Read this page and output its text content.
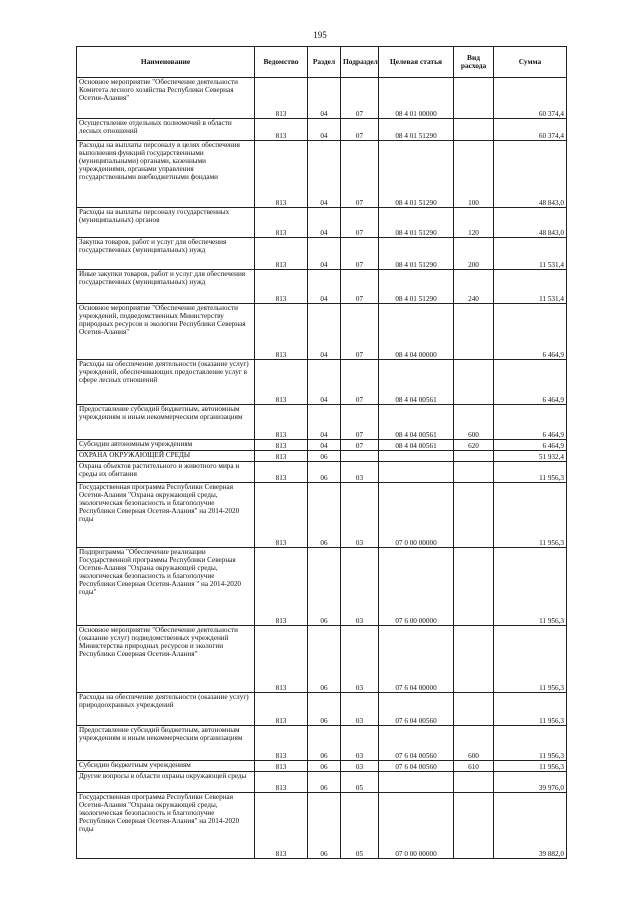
195
Наименование	Ведомство	Раздел	Подраздел	Целевая статья	Вид расхода	Сумма
Основное мероприятие "Обеспечение деятельности Комитета лесного хозяйства Республики Северная Осетия-Алания"	813	04	07	08 4 01 00000		60 374,4
Осуществление отдельных полномочий в области лесных отношений	813	04	07	08 4 01 51290		60 374,4
Расходы на выплаты персоналу в целях обеспечения выполнения функций государственными (муниципальными) органами, казенными учреждениями, органами управления государственными внебюджетными фондами	813	04	07	08 4 01 51290	100	48 843,0
Расходы на выплаты персоналу государственных (муниципальных) органов	813	04	07	08 4 01 51290	120	48 843,0
Закупка товаров, работ и услуг для обеспечения государственных (муниципальных) нужд	813	04	07	08 4 01 51290	200	11 531,4
Иные закупки товаров, работ и услуг для обеспечения государственных (муниципальных) нужд	813	04	07	08 4 01 51290	240	11 531,4
Основное мероприятие "Обеспечение деятельности учреждений, подведомственных Министерству природных ресурсов и экологии Республики Северная Осетия-Алания"	813	04	07	08 4 04 00000		6 464,9
Расходы на обеспечение деятельности (оказание услуг) учреждений, обеспечивающих предоставление услуг в сфере лесных отношений	813	04	07	08 4 04 00561		6 464,9
Предоставление субсидий бюджетным, автономным учреждениям и иным некоммерческим организациям	813	04	07	08 4 04 00561	600	6 464,9
Субсидии автономным учреждениям	813	04	07	08 4 04 00561	620	6 464,9
ОХРАНА ОКРУЖАЮЩЕЙ СРЕДЫ	813	06				51 932,4
Охрана объектов растительного и животного мира и среды их обитания	813	06	03			11 956,3
Государственная программа Республики Северная Осетия-Алания "Охрана окружающей среды, экологическая безопасность и благополучие Республики Северная Осетия-Алания" на 2014-2020 годы	813	06	03	07 0 00 00000		11 956,3
Подпрограмма "Обеспечение реализации Государственной программы Республики Северная Осетия-Алания "Охрана окружающей среды, экологическая безопасность и благополучие Республики Северная Осетия-Алания " на 2014-2020 годы"	813	06	03	07 6 00 00000		11 956,3
Основное мероприятие "Обеспечение деятельности (оказание услуг) подведомственных учреждений Министерства природных ресурсов и экологии Республики Северная Осетия-Алания"	813	06	03	07 6 04 00000		11 956,3
Расходы на обеспечение деятельности (оказание услуг) природоохранных учреждений	813	06	03	07 6 04 00560		11 956,3
Предоставление субсидий бюджетным, автономным учреждениям и иным некоммерческим организациям	813	06	03	07 6 04 00560	600	11 956,3
Субсидии бюджетным учреждениям	813	06	03	07 6 04 00560	610	11 956,3
Другие вопросы в области охраны окружающей среды	813	06	05			39 976,0
Государственная программа Республики Северная Осетия-Алания "Охрана окружающей среды, экологическая безопасность и благополучие Республики Северная Осетия-Алания" на 2014-2020 годы	813	06	05	07 0 00 00000		39 882,0
